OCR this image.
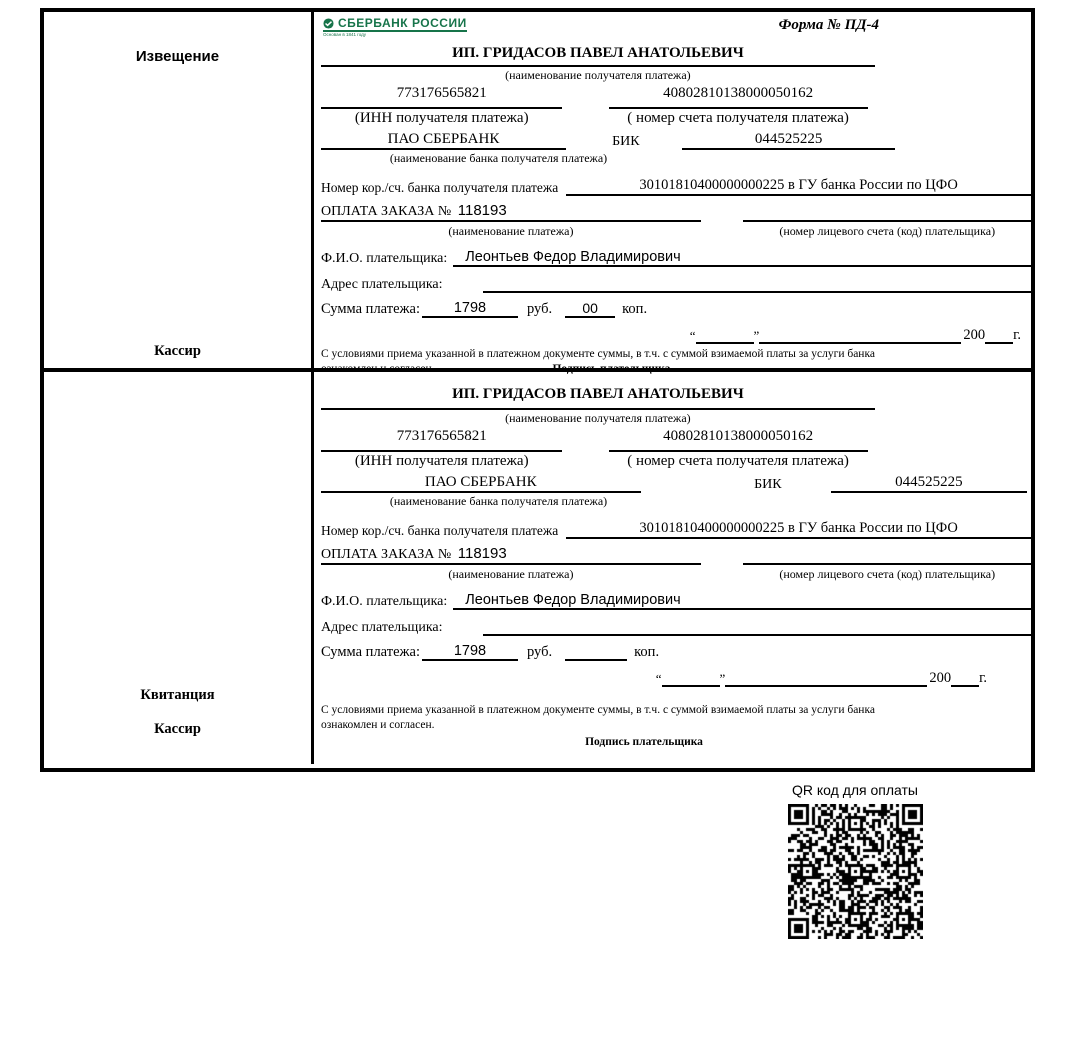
Извещение
Кассир
СБЕРБАНК РОССИИ
Основан в 1841 году
Форма № ПД-4
ИП. ГРИДАСОВ ПАВЕЛ АНАТОЛЬЕВИЧ
(наименование получателя платежа)
773176565821	40802810138000050162
(ИНН получателя платежа)	( номер счета получателя платежа)
ПАО СБЕРБАНК	БИК	044525225
(наименование банка получателя платежа)
Номер кор./сч. банка получателя платежа	30101810400000000225 в ГУ банка России по ЦФО
ОПЛАТА ЗАКАЗА № 118193
(наименование платежа)	(номер лицевого счета (код) плательщика)
Ф.И.О. плательщика:	Леонтьев Федор Владимирович
Адрес плательщика:
Сумма платежа:	1798	руб.	00	коп.
“	”	200 г.
С условиями приема указанной в платежном документе суммы, в т.ч. с суммой взимаемой платы за услуги банка
ознакомлен и согласен.	Подпись плательщика
Квитанция
Кассир
ИП. ГРИДАСОВ ПАВЕЛ АНАТОЛЬЕВИЧ
(наименование получателя платежа)
773176565821	40802810138000050162
(ИНН получателя платежа)	( номер счета получателя платежа)
ПАО СБЕРБАНК	БИК	044525225
(наименование банка получателя платежа)
Номер кор./сч. банка получателя платежа	30101810400000000225 в ГУ банка России по ЦФО
ОПЛАТА ЗАКАЗА № 118193
(наименование платежа)	(номер лицевого счета (код) плательщика)
Ф.И.О. плательщика:	Леонтьев Федор Владимирович
Адрес плательщика:
Сумма платежа:	1798	руб.	коп.
“	”	200 г.
С условиями приема указанной в платежном документе суммы, в т.ч. с суммой взимаемой платы за услуги банка
ознакомлен и согласен.
Подпись плательщика
QR код для оплаты
